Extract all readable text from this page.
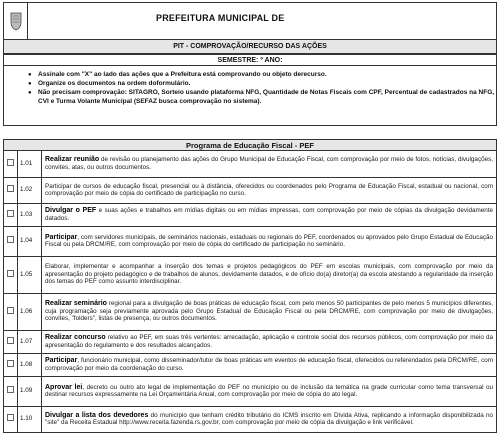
PREFEITURA MUNICIPAL DE
PIT - COMPROVAÇÃO/RECURSO DAS AÇÕES
SEMESTRE: º ANO:
● Assinale com "X" ao lado das ações que a Prefeitura está comprovando ou objeto derecurso.
● Organize os documentos na ordem doformulário.
● Não precisam comprovação: SITAGRO, Sorteio usando plataforma NFG, Quantidade de Notas Fiscais com CPF, Percentual de cadastrados na NFG, CVI e Turma Volante Municipal (SEFAZ busca comprovação no sistema).
Programa de Educação Fiscal - PEF
	1.01	Realizar reunião de revisão ou planejamento das ações do Grupo Municipal de Educação Fiscal, com comprovação por meio de fotos, notícias, divulgações, convites, atas, ou outros documentos.
	1.02	Participar de cursos de educação fiscal, presencial ou à distância, oferecidos ou coordenados pelo Programa de Educação Fiscal, estadual ou nacional, com comprovação por meio de cópia do certificado de participação no curso.
	1.03	Divulgar o PEF e suas ações e trabalhos em mídias digitais ou em mídias impressas, com comprovação por meio de cópias da divulgação devidamente datados.
	1.04	Participar, com servidores municipais, de seminários nacionais, estaduais ou regionais do PEF, coordenados ou aprovados pelo Grupo Estadual de Educação Fiscal ou pela DRCM/RE, com comprovação por meio de cópia do certificado de participação no seminário.
	1.05	Elaborar, implementar e acompanhar a inserção dos temas e projetos pedagógicos do PEF em escolas municipais, com comprovação por meio da apresentação do projeto pedagógico e de trabalhos de alunos, devidamente datados, e de ofício do(a) diretor(a) da escola atestando a regularidade da inserção dos temas do PEF como assunto interdisciplinar.
	1.06	Realizar seminário regional para a divulgação de boas práticas de educação fiscal, com pelo menos 50 participantes de pelo menos 5 municípios diferentes, cuja programação seja previamente aprovada pelo Grupo Estadual de Educação Fiscal ou pela DRCM/RE, com comprovação por meio de divulgações, convites, "folders", listas de presença, ou outros documentos.
	1.07	Realizar concurso relativo ao PEF, em suas três vertentes: arrecadação, aplicação e controle social dos recursos públicos, com comprovação por meio da apresentação do regulamento e dos resultados alcançados.
	1.08	Participar, funcionário municipal, como disseminador/tutor de boas práticas em eventos de educação fiscal, oferecidos ou referendados pela DRCM/RE, com comprovação por meio da coordenação do curso.
	1.09	Aprovar lei, decreto ou outro ato legal de implementação do PEF no município ou de inclusão da temática na grade curricular como tema transversal ou destinar recursos expressamente na Lei Orçamentária Anual, com comprovação por meio de cópia do ato legal.
	1.10	Divulgar a lista dos devedores do município que tenham crédito tributário do ICMS inscrito em Dívida Ativa, replicando a informação disponibilizada no "site" da Receita Estadual http://www.receita.fazenda.rs.gov.br, com comprovação por meio de cópia da divulgação e link verificável.
